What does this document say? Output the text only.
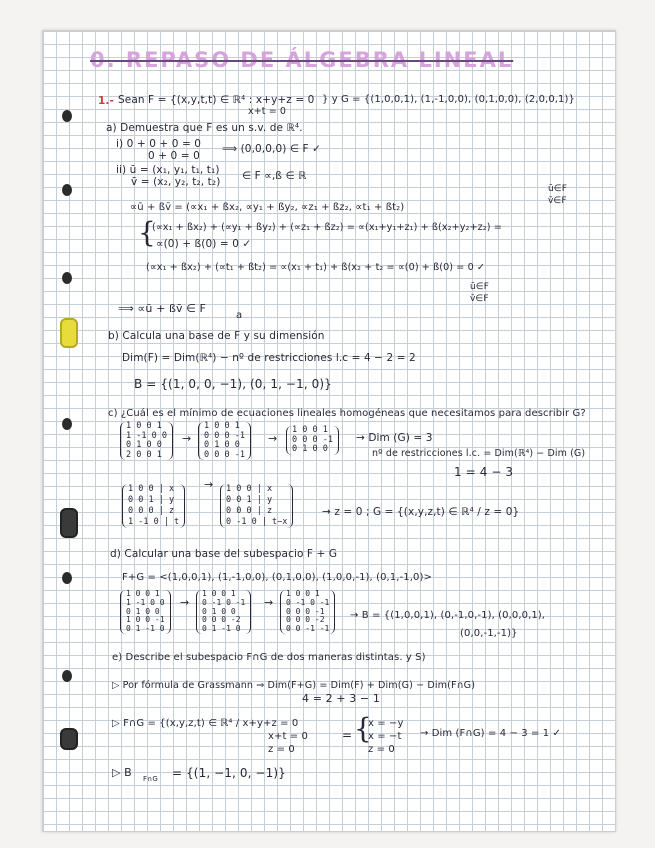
0. REPASO DE ÁLGEBRA LINEAL
1.- Sean F = {(x,y,t,t) ∈ ℝ⁴ : x+y+z = 0
x+t = 0
} y G = {(1,0,0,1), (1,-1,0,0), (0,1,0,0), (2,0,0,1)}
a) Demuestra que F es un s.v. de ℝ⁴.
i) 0 + 0 + 0 = 0
0 + 0 = 0
⟹ (0,0,0,0) ∈ F ✓
ii) ū = (x₁, y₁, t₁, t₁)
v̄ = (x₂, y₂, t₂, t₂) ∈ F ∝,ß ∈ ℝ
ū∈F
v̄∈F
∝ū + ßv̄ = (∝x₁ + ßx₂, ∝y₁ + ßy₂, ∝z₁ + ßz₂, ∝t₁ + ßt₂)
{
(∝x₁ + ßx₂) + (∝y₁ + ßy₂) + (∝z₁ + ßz₂) = ∝(x₁+y₁+z₁) + ß(x₂+y₂+z₂) =
∝(0) + ß(0) = 0 ✓
(∝x₁ + ßx₂) + (∝t₁ + ßt₂) = ∝(x₁ + t₁) + ß(x₂ + t₂ = ∝(0) + ß(0) = 0 ✓
ū∈F
v̄∈F
⟹ ∝ū + ßv̄ ∈ F
a
b) Calcula una base de F y su dimensión
Dim(F) = Dim(ℝ⁴) − nº de restricciones l.c = 4 − 2 = 2
B = {(1, 0, 0, −1), (0, 1, −1, 0)}
c) ¿Cuál es el mínimo de ecuaciones lineales homogéneas que necesitamos para describir G?
1 0 0 1
1 -1 0 0
0 1 0 0
2 0 0 1
→
1 0 0 1
0 0 0 -1
0 1 0 0
0 0 0 -1
→
1 0 0 1
0 0 0 -1
0 1 0 0
→ Dim (G) = 3
nº de restricciones l.c. = Dim(ℝ⁴) − Dim (G)
1 = 4 − 3
1 0 0 | x
0 0 1 | y
0 0 0 | z
1 -1 0 | t
→ 1 0 0 | x
0 0 1 | y
0 0 0 | z
0 -1 0 | t−x
→ z = 0 ; G = {(x,y,z,t) ∈ ℝ⁴ / z = 0}
d) Calcular una base del subespacio F + G
F+G = <(1,0,0,1), (1,-1,0,0), (0,1,0,0), (1,0,0,-1), (0,1,-1,0)>
1 0 0 1
1 -1 0 0
0 1 0 0
1 0 0 -1
0 1 -1 0
→
1 0 0 1
0 -1 0 -1
0 1 0 0
0 0 0 -2
0 1 -1 0
→
1 0 0 1
0 -1 0 -1
0 0 0 -1
0 0 0 -2
0 0 -1 -1
→ B = {(1,0,0,1), (0,-1,0,-1), (0,0,0,1),
(0,0,-1,-1)}
e) Describe el subespacio F∩G de dos maneras distintas. y S)
▷ Por fórmula de Grassmann ⇒ Dim(F+G) = Dim(F) + Dim(G) − Dim(F∩G)
4 = 2 + 3 − 1
▷ F∩G = {(x,y,z,t) ∈ ℝ⁴ / x+y+z = 0
x+t = 0
z = 0
= {
x = −y
x = −t
z = 0
→ Dim (F∩G) = 4 − 3 = 1 ✓
▷ B F∩G = {(1, −1, 0, −1)}
